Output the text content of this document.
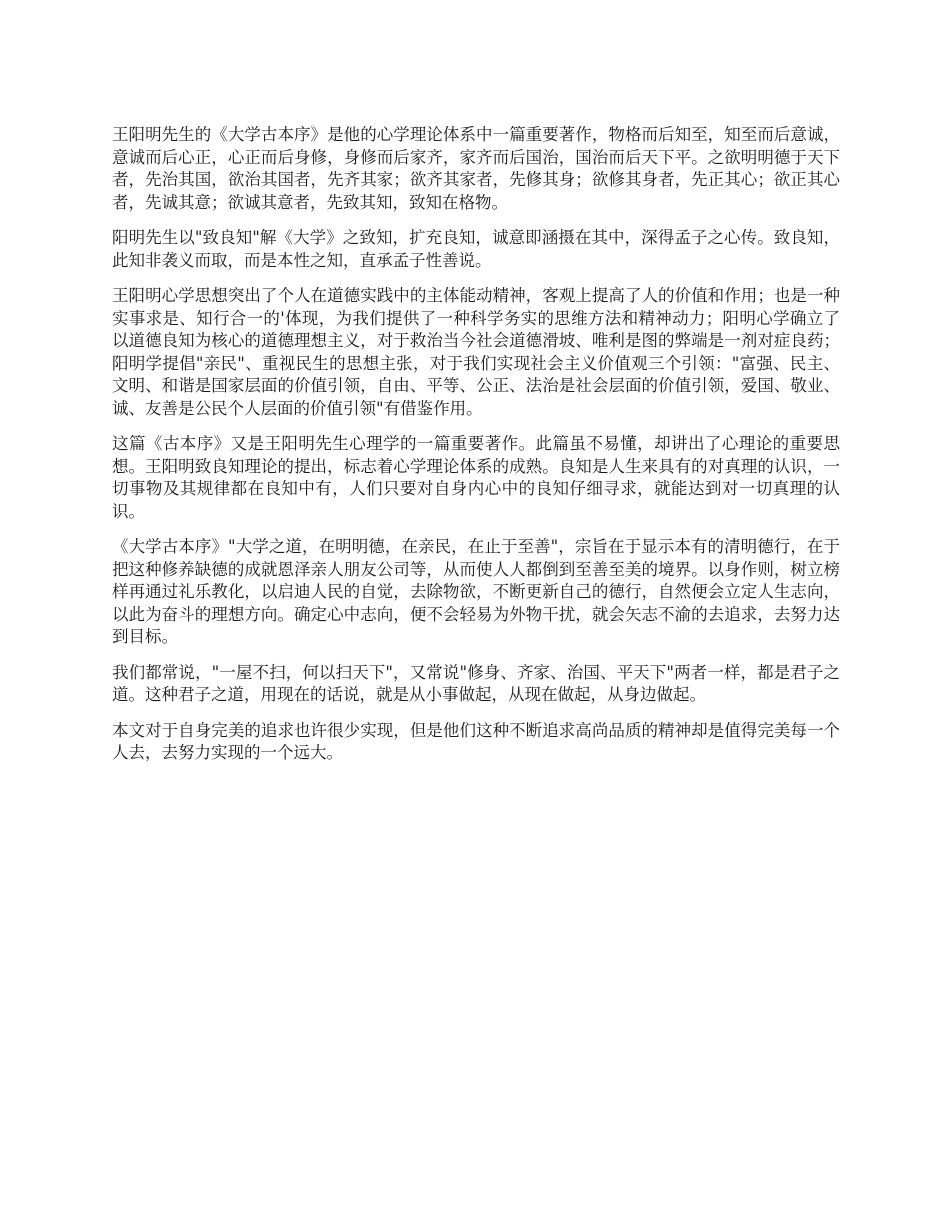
王阳明先生的《大学古本序》是他的心学理论体系中一篇重要著作，物格而后知至，知至而后意诚，意诚而后心正，心正而后身修，身修而后家齐，家齐而后国治，国治而后天下平。之欲明明德于天下者，先治其国，欲治其国者，先齐其家；欲齐其家者，先修其身；欲修其身者，先正其心；欲正其心者，先诚其意；欲诚其意者，先致其知，致知在格物。

阳明先生以"致良知"解《大学》之致知，扩充良知，诚意即涵摄在其中，深得孟子之心传。致良知，此知非袭义而取，而是本性之知，直承孟子性善说。

王阳明心学思想突出了个人在道德实践中的主体能动精神，客观上提高了人的价值和作用；也是一种实事求是、知行合一的'体现，为我们提供了一种科学务实的思维方法和精神动力；阳明心学确立了以道德良知为核心的道德理想主义，对于救治当今社会道德滑坡、唯利是图的弊端是一剂对症良药；阳明学提倡"亲民"、重视民生的思想主张，对于我们实现社会主义价值观三个引领："富强、民主、文明、和谐是国家层面的价值引领，自由、平等、公正、法治是社会层面的价值引领，爱国、敬业、诚、友善是公民个人层面的价值引领"有借鉴作用。

这篇《古本序》又是王阳明先生心理学的一篇重要著作。此篇虽不易懂，却讲出了心理论的重要思想。王阳明致良知理论的提出，标志着心学理论体系的成熟。良知是人生来具有的对真理的认识，一切事物及其规律都在良知中有，人们只要对自身内心中的良知仔细寻求，就能达到对一切真理的认识。

《大学古本序》"大学之道，在明明德，在亲民，在止于至善"，宗旨在于显示本有的清明德行，在于把这种修养缺德的成就恩泽亲人朋友公司等，从而使人人都倒到至善至美的境界。以身作则，树立榜样再通过礼乐教化，以启迪人民的自觉，去除物欲，不断更新自己的德行，自然便会立定人生志向，以此为奋斗的理想方向。确定心中志向，便不会轻易为外物干扰，就会矢志不渝的去追求，去努力达到目标。

我们都常说，"一屋不扫，何以扫天下"，又常说"修身、齐家、治国、平天下"两者一样，都是君子之道。这种君子之道，用现在的话说，就是从小事做起，从现在做起，从身边做起。

本文对于自身完美的追求也许很少实现，但是他们这种不断追求高尚品质的精神却是值得完美每一个人去，去努力实现的一个远大。
